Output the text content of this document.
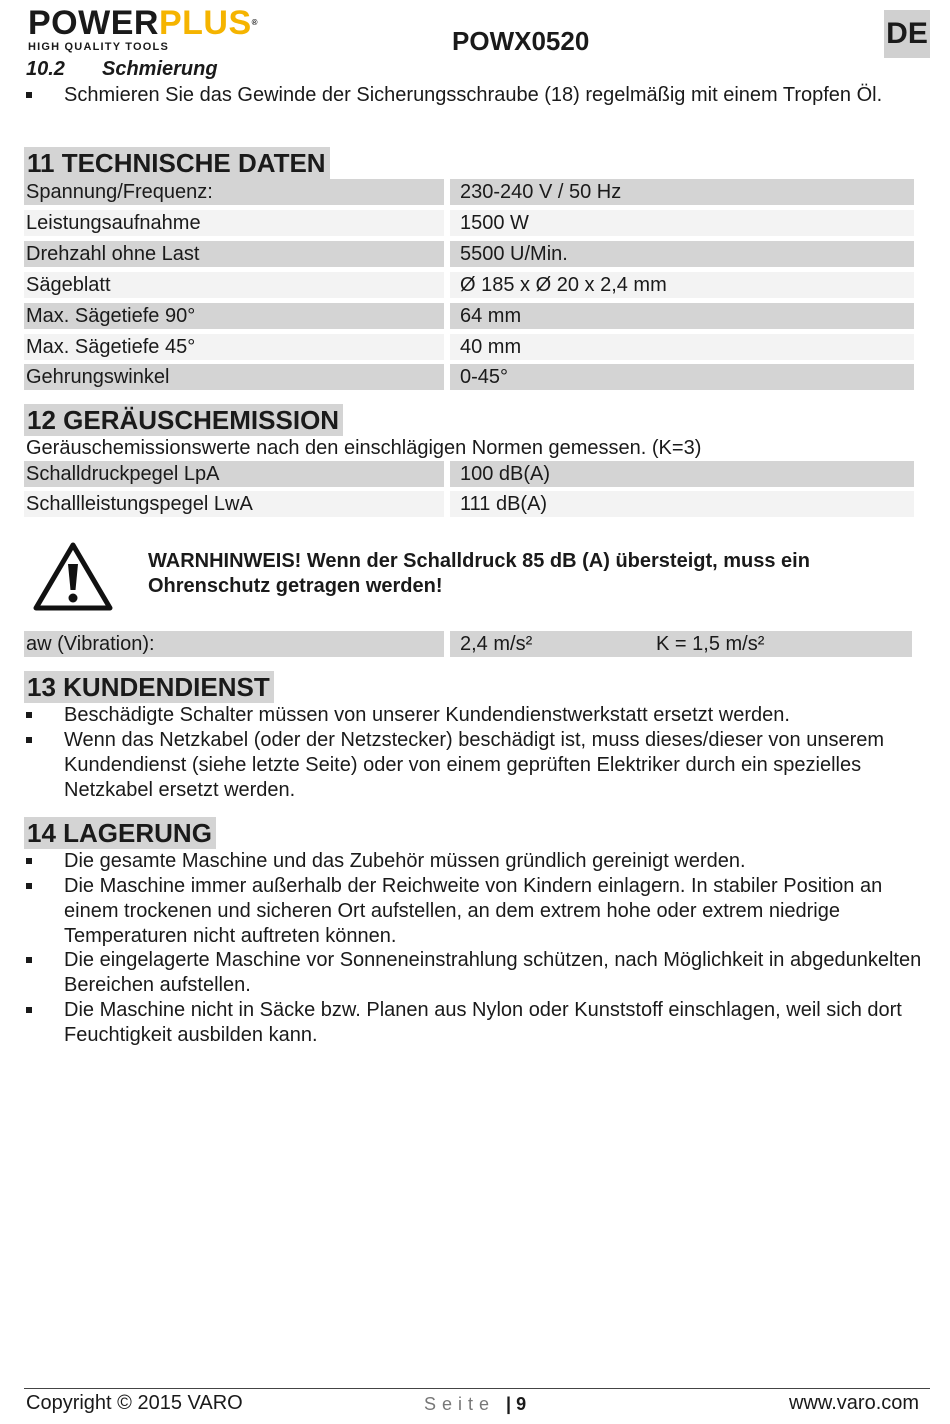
POWERPLUS®
HIGH QUALITY TOOLS	POWX0520	DE
10.2 Schmierung
Schmieren Sie das Gewinde der Sicherungsschraube (18) regelmäßig mit einem Tropfen Öl.
11 TECHNISCHE DATEN
Spannung/Frequenz:	230-240 V / 50 Hz
Leistungsaufnahme	1500 W
Drehzahl ohne Last	5500 U/Min.
Sägeblatt	Ø 185 x Ø 20 x 2,4 mm
Max. Sägetiefe 90°	64 mm
Max. Sägetiefe 45°	40 mm
Gehrungswinkel	0-45°
12 GERÄUSCHEMISSION
Geräuschemissionswerte nach den einschlägigen Normen gemessen. (K=3)
Schalldruckpegel LpA	100 dB(A)
Schallleistungspegel LwA	111 dB(A)
WARNHINWEIS! Wenn der Schalldruck 85 dB (A) übersteigt, muss ein
Ohrenschutz getragen werden!
aw (Vibration):	2,4 m/s²	K = 1,5 m/s²
13 KUNDENDIENST
Beschädigte Schalter müssen von unserer Kundendienstwerkstatt ersetzt werden.
Wenn das Netzkabel (oder der Netzstecker) beschädigt ist, muss dieses/dieser von unserem Kundendienst (siehe letzte Seite) oder von einem geprüften Elektriker durch ein spezielles Netzkabel ersetzt werden.
14 LAGERUNG
Die gesamte Maschine und das Zubehör müssen gründlich gereinigt werden.
Die Maschine immer außerhalb der Reichweite von Kindern einlagern. In stabiler Position an einem trockenen und sicheren Ort aufstellen, an dem extrem hohe oder extrem niedrige Temperaturen nicht auftreten können.
Die eingelagerte Maschine vor Sonneneinstrahlung schützen, nach Möglichkeit in abgedunkelten Bereichen aufstellen.
Die Maschine nicht in Säcke bzw. Planen aus Nylon oder Kunststoff einschlagen, weil sich dort Feuchtigkeit ausbilden kann.
Copyright © 2015 VARO	Seite | 9	www.varo.com
